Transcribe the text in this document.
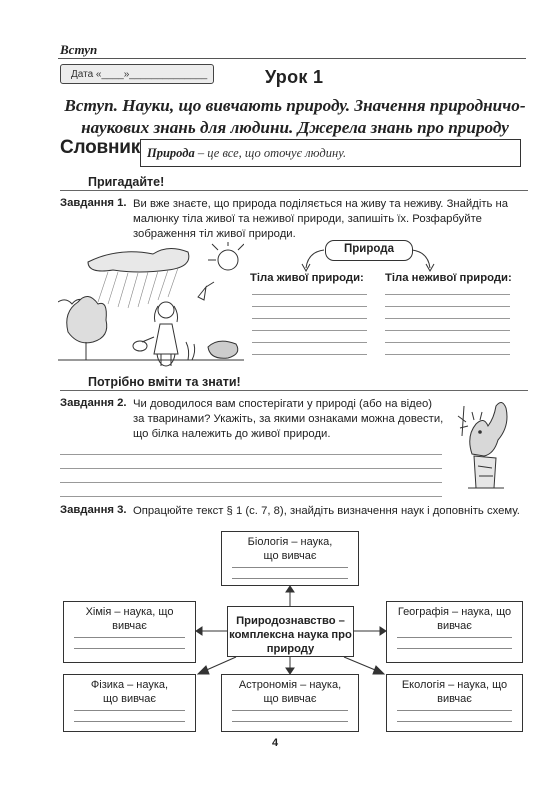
Вступ
Дата «____»______________	Урок 1
Вступ. Науки, що вивчають природу. Значення природничо-наукових знань для людини. Джерела знань про природу
Словник Природа – це все, що оточує людину.
Пригадайте!
Завдання 1. Ви вже знаєте, що природа поділяється на живу та неживу. Знайдіть на малюнку тіла живої та неживої природи, запишіть їх. Розфарбуйте зображення тіл живої природи.
Природа
Тіла живої природи: Тіла неживої природи:
Потрібно вміти та знати!
Завдання 2. Чи доводилося вам спостерігати у природі (або на відео) за тваринами? Укажіть, за якими ознаками можна довести, що білка належить до живої природи.
Завдання 3. Опрацюйте текст § 1 (с. 7, 8), знайдіть визначення наук і доповніть схему.
Біологія – наука, що вивчає
Хімія – наука, що вивчає	Природознавство – комплексна наука про природу
Географія – наука, що вивчає
Фізика – наука, що вивчає
Астрономія – наука, що вивчає
Екологія – наука, що вивчає
4
